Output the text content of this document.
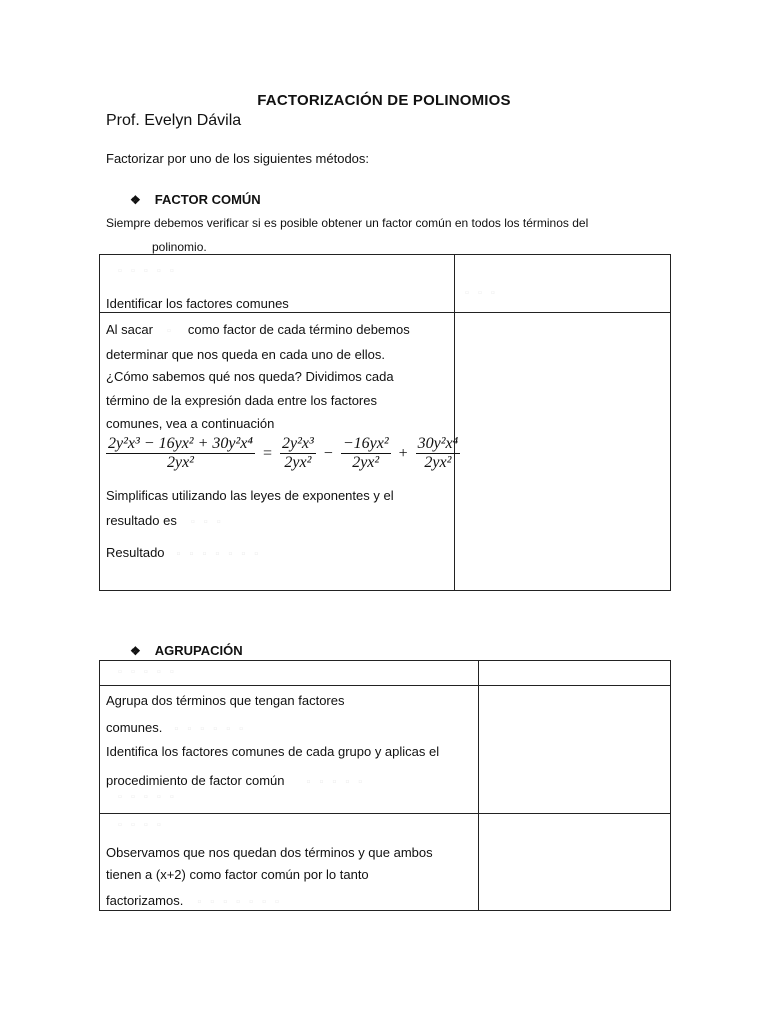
FACTORIZACIÓN DE POLINOMIOS
Prof. Evelyn Dávila
Factorizar por uno de los siguientes métodos:
❖ FACTOR COMÚN
Siempre debemos verificar si es posible obtener un factor común en todos los términos del
polinomio.
▫ ▫ ▫ ▫ ▫
▫ ▫ ▫
Identificar los factores comunes
Al sacar ▫ como factor de cada término debemos
determinar que nos queda en cada uno de ellos.
¿Cómo sabemos qué nos queda? Dividimos cada
término de la expresión dada entre los factores
comunes, vea a continuación
$\frac{\text{2y²x³ − 16yx² + 30y²x⁴}}{\text{2yx²}} = \frac{\text{2y²x³}}{\text{2yx²}} - \frac{\text{−16yx²}}{\text{2yx²}} + \frac{\text{30y²x⁴}}{\text{2yx²}}$
Simplificas utilizando las leyes de exponentes y el
resultado es ▫ ▫ ▫
Resultado ▫ ▫ ▫ ▫ ▫ ▫ ▫
❖ AGRUPACIÓN
▫ ▫ ▫ ▫ ▫
Agrupa dos términos que tengan factores
comunes. ▫ ▫ ▫ ▫ ▫ ▫
Identifica los factores comunes de cada grupo y aplicas el
procedimiento de factor común ▫ ▫ ▫ ▫ ▫
▫ ▫ ▫ ▫ ▫
▫ ▫ ▫ ▫
Observamos que nos quedan dos términos y que ambos
tienen a (x+2) como factor común por lo tanto
factorizamos. ▫ ▫ ▫ ▫ ▫ ▫ ▫
